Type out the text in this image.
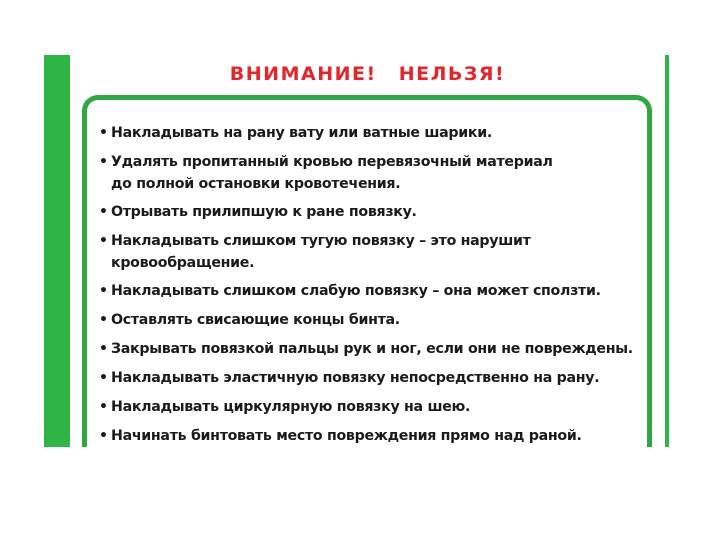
ВНИМАНИЕ! НЕЛЬЗЯ!
• Накладывать на рану вату или ватные шарики.
• Удалять пропитанный кровью перевязочный материал
до полной остановки кровотечения.
• Отрывать прилипшую к ране повязку.
• Накладывать слишком тугую повязку – это нарушит
кровообращение.
• Накладывать слишком слабую повязку – она может сползти.
• Оставлять свисающие концы бинта.
• Закрывать повязкой пальцы рук и ног, если они не повреждены.
• Накладывать эластичную повязку непосредственно на рану.
• Накладывать циркулярную повязку на шею.
• Начинать бинтовать место повреждения прямо над раной.
